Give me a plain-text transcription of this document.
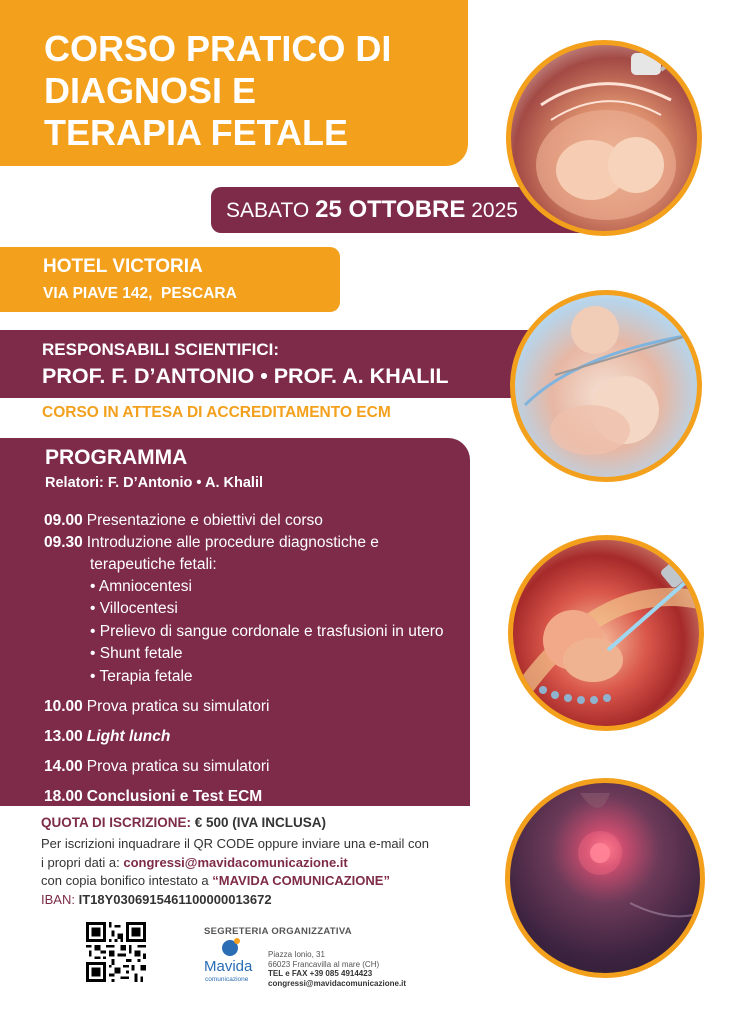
CORSO PRATICO DI
DIAGNOSI E
TERAPIA FETALE
SABATO 25 OTTOBRE 2025
HOTEL VICTORIA
VIA PIAVE 142,  PESCARA
RESPONSABILI SCIENTIFICI:
PROF. F. D’ANTONIO • PROF. A. KHALIL
CORSO IN ATTESA DI ACCREDITAMENTO ECM
PROGRAMMA
Relatori: F. D’Antonio • A. Khalil
09.00 Presentazione e obiettivi del corso
09.30 Introduzione alle procedure diagnostiche e
terapeutiche fetali:
• Amniocentesi
• Villocentesi
• Prelievo di sangue cordonale e trasfusioni in utero
• Shunt fetale
• Terapia fetale
10.00 Prova pratica su simulatori
13.00 Light lunch
14.00 Prova pratica su simulatori
18.00 Conclusioni e Test ECM
QUOTA DI ISCRIZIONE: € 500 (IVA INCLUSA)
Per iscrizioni inquadrare il QR CODE oppure inviare una e-mail con
i propri dati a: congressi@mavidacomunicazione.it
con copia bonifico intestato a “MAVIDA COMUNICAZIONE”
IBAN: IT18Y0306915461100000013672
SEGRETERIA ORGANIZZATIVA
Mavida
comunicazione
Piazza Ionio, 31
66023 Francavilla al mare (CH)
TEL e FAX +39 085 4914423
congressi@mavidacomunicazione.it
